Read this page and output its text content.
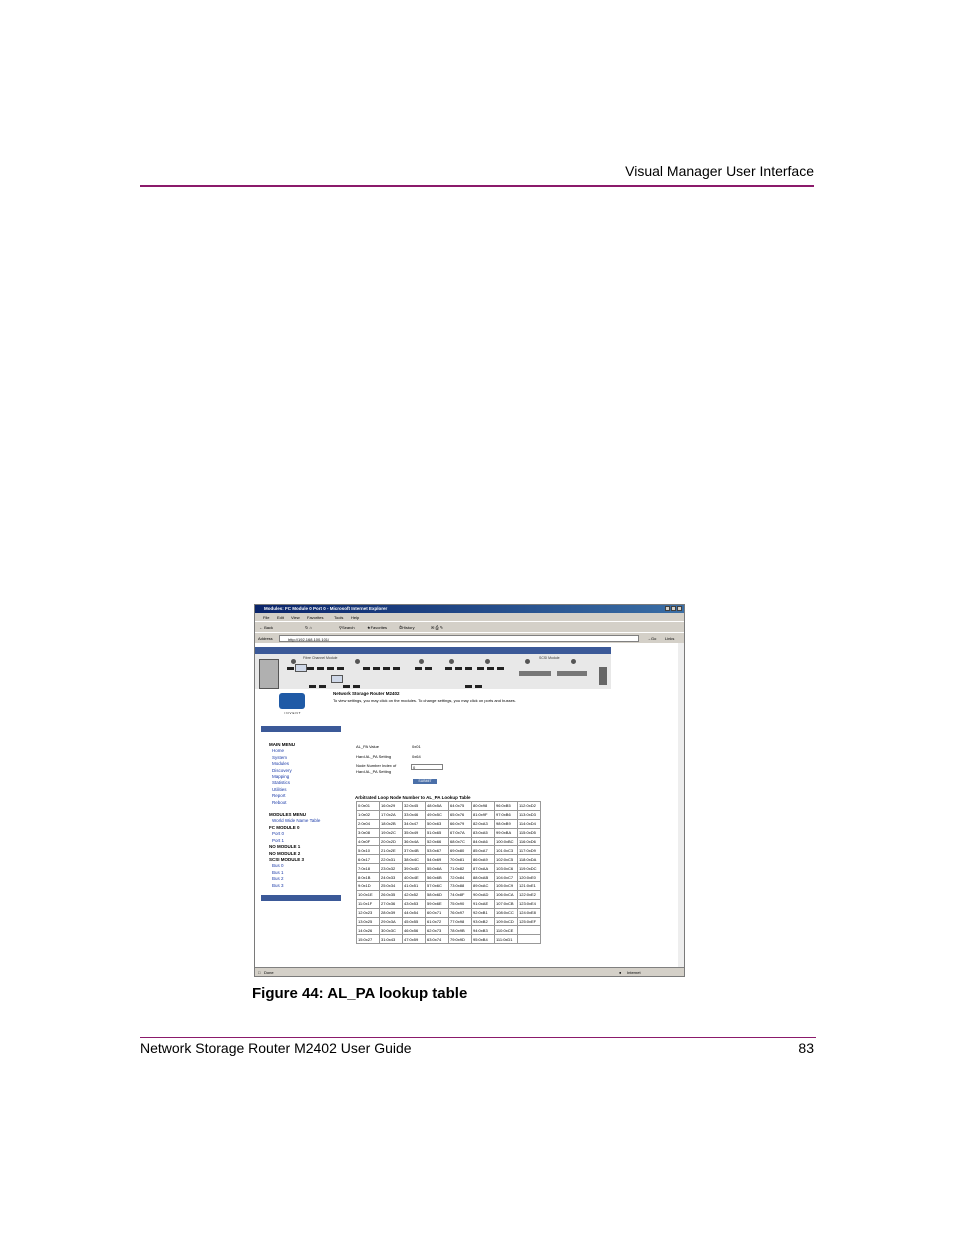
Visual Manager User Interface
Modules: FC Module 0 Port 0 - Microsoft Internet Explorer
File Edit View Favorites	Tools Help
← Back	↻ ⌂	⚲Search	★Favorites	⏱History	✉ ⎙ ✎
Address	http://192.168.100.101/	→Go Links
Fibre Channel Module	SCSI Module
INVENT
Network Storage Router M2402
To view settings, you may click on the modules. To change settings, you may click on ports and busses.
MAIN MENU
Home
System
Modules
Discovery
Mapping
Statistics
Utilities
Report
Reboot
MODULES MENU
World Wide Name Table
FC MODULE 0
Port 0
Port 1
NO MODULE 1
NO MODULE 2
SCSI MODULE 3
Bus 0
Bus 1
Bus 2
Bus 3
AL_PA Value	0x01
Hard AL_PA Setting	0x64
Node Number Index of
Hard AL_PA Setting
0
SUBMIT
Arbitrated Loop Node Number to AL_PA Lookup Table
0:0x01	16:0x29	32:0x45	48:0x5A	64:0x75	80:0x98	96:0xB5	112:0xD2
1:0x02	17:0x2A	33:0x46	49:0x5C	65:0x76	81:0x9F	97:0xB6	113:0xD3
2:0x04	18:0x2B	34:0x47	50:0x63	66:0x79	82:0xA3	98:0xB9	114:0xD4
3:0x08	19:0x2C	35:0x49	51:0x65	67:0x7A	83:0xA5	99:0xBA	115:0xD5
4:0x0F	20:0x2D	36:0x4A	52:0x66	68:0x7C	84:0xA6	100:0xBC	116:0xD6
5:0x10	21:0x2E	37:0x4B	53:0x67	69:0x80	85:0xA7	101:0xC3	117:0xD9
6:0x17	22:0x31	38:0x4C	54:0x69	70:0x81	86:0xA9	102:0xC5	118:0xDA
7:0x18	23:0x32	39:0x4D	55:0x6A	71:0x82	87:0xAA	103:0xC6	119:0xDC
8:0x1B	24:0x33	40:0x4E	56:0x6B	72:0x84	88:0xAB	104:0xC7	120:0xE0
9:0x1D	25:0x34	41:0x51	57:0x6C	73:0x88	89:0xAC	105:0xC9	121:0xE1
10:0x1E	26:0x35	42:0x52	58:0x6D	74:0x8F	90:0xAD	106:0xCA	122:0xE2
11:0x1F	27:0x36	43:0x53	59:0x6E	75:0x90	91:0xAE	107:0xCB	123:0xE4
12:0x23	28:0x39	44:0x54	60:0x71	76:0x97	92:0xB1	108:0xCC	124:0xE8
13:0x25	29:0x3A	45:0x55	61:0x72	77:0x98	93:0xB2	109:0xCD	125:0xEF
14:0x26	30:0x3C	46:0x56	62:0x73	78:0x9B	94:0xB3	110:0xCE	
15:0x27	31:0x43	47:0x59	63:0x74	79:0x9D	95:0xB4	111:0xD1	
□ Done	● Internet
Figure 44: AL_PA lookup table
Network Storage Router M2402 User Guide	83
